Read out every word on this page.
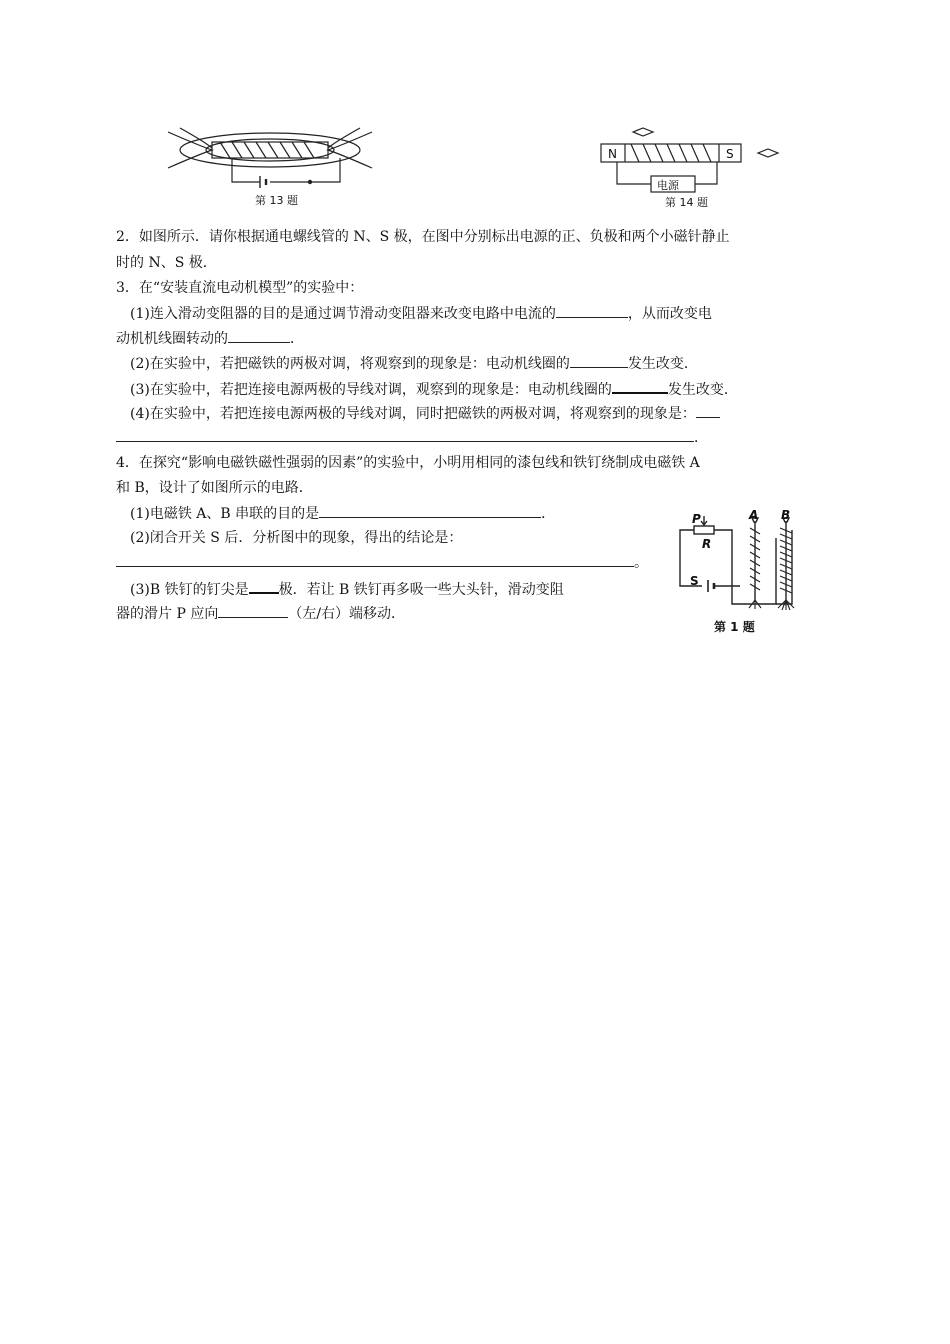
第 13 题
N	S
电源
第 14 题
2．如图所示．请你根据通电螺线管的 N、S 极，在图中分别标出电源的正、负极和两个小磁针静止
时的 N、S 极．
3．在“安装直流电动机模型”的实验中：
(1)连入滑动变阻器的目的是通过调节滑动变阻器来改变电路中电流的	，从而改变电
动机机线圈转动的	．
(2)在实验中，若把磁铁的两极对调，将观察到的现象是：电动机线圈的	发生改变．
(3)在实验中，若把连接电源两极的导线对调，观察到的现象是：电动机线圈的	发生改变．
(4)在实验中，若把连接电源两极的导线对调，同时把磁铁的两极对调，将观察到的现象是：
．
4．在探究“影响电磁铁磁性强弱的因素”的实验中，小明用相同的漆包线和铁钉绕制成电磁铁 A
和 B，设计了如图所示的电路．
(1)电磁铁 A、B 串联的目的是	．
(2)闭合开关 S 后．分析图中的现象，得出的结论是：
。
(3)B 铁钉的钉尖是 极．若让 B 铁钉再多吸一些大头针，滑动变阻
器的滑片 P 应向	（左/右）端移动．
P
R
S
A B
第 1 题
